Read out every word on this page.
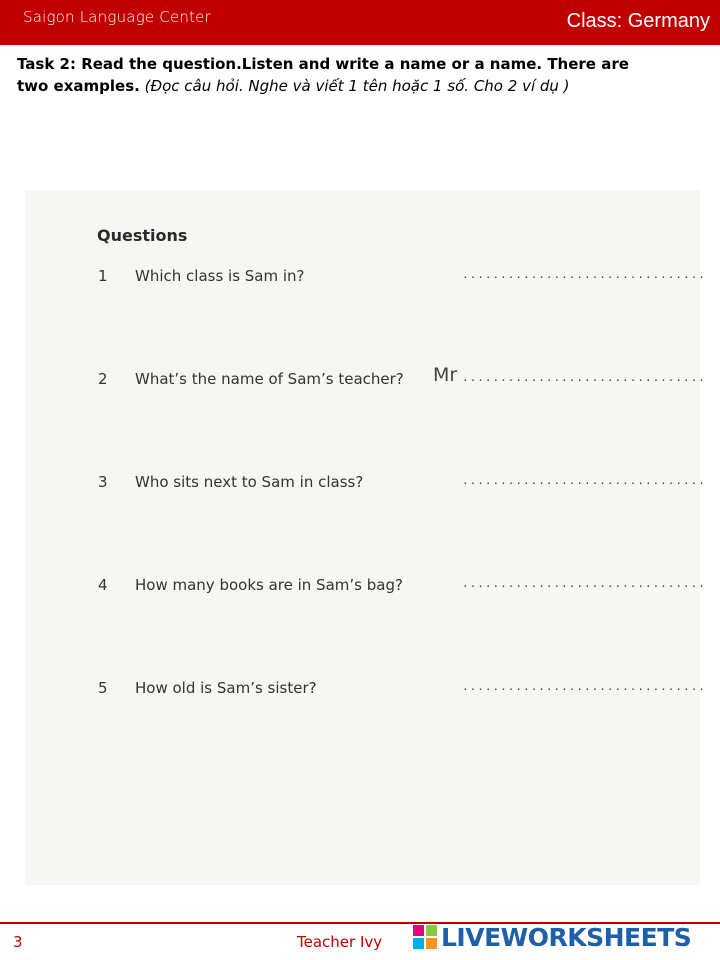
Saigon Language Center	Class: Germany
Task 2: Read the question.Listen and write a name or a name. There are two examples. (Đọc câu hỏi. Nghe và viết 1 tên hoặc 1 số. Cho 2 ví dụ )
Questions
1 Which class is Sam in?	................................
2 What’s the name of Sam’s teacher? Mr ................................
3 Who sits next to Sam in class?	................................
4 How many books are in Sam’s bag?	................................
5 How old is Sam’s sister?	................................
3	Teacher Ivy LIVEWORKSHEETS
